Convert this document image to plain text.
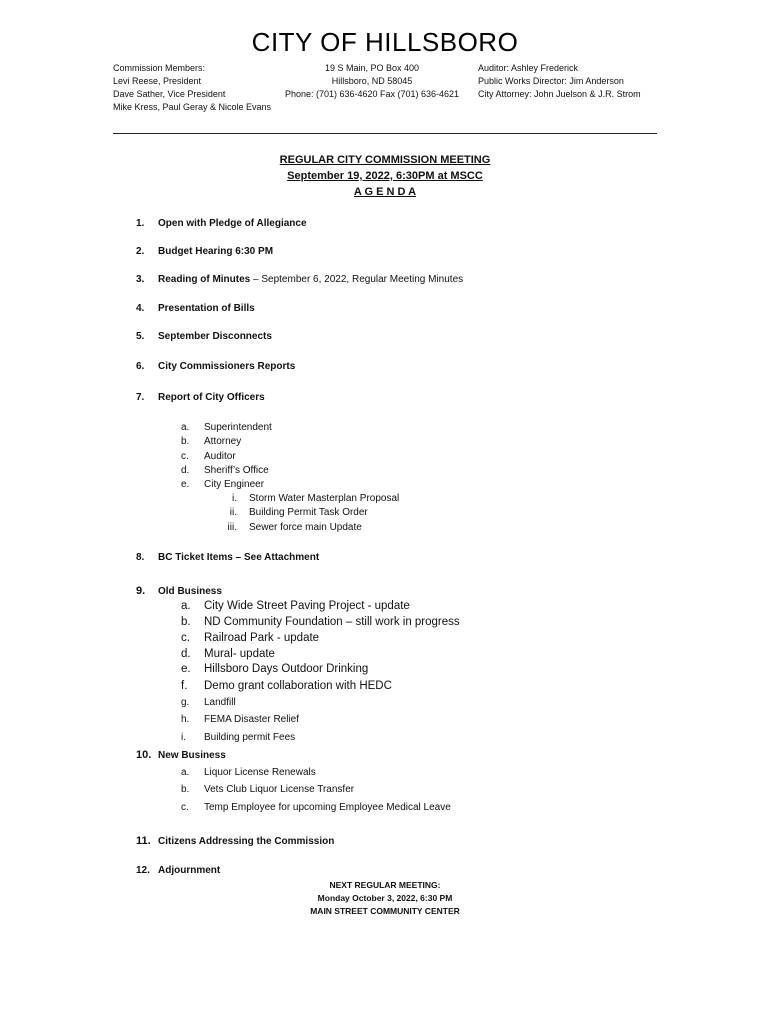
CITY OF HILLSBORO
Commission Members:
Levi Reese, President
Dave Sather, Vice President
Mike Kress, Paul Geray & Nicole Evans
19 S Main, PO Box 400
Hillsboro, ND 58045
Phone: (701) 636-4620 Fax (701) 636-4621
Auditor: Ashley Frederick
Public Works Director: Jim Anderson
City Attorney: John Juelson & J.R. Strom
REGULAR CITY COMMISSION MEETING
September 19, 2022, 6:30PM at MSCC
A G E N D A
1. Open with Pledge of Allegiance
2. Budget Hearing 6:30 PM
3. Reading of Minutes – September 6, 2022, Regular Meeting Minutes
4. Presentation of Bills
5. September Disconnects
6. City Commissioners Reports
7. Report of City Officers
a. Superintendent
b. Attorney
c. Auditor
d. Sheriff’s Office
e. City Engineer
i. Storm Water Masterplan Proposal
ii. Building Permit Task Order
iii. Sewer force main Update
8. BC Ticket Items – See Attachment
9. Old Business
a. City Wide Street Paving Project - update
b. ND Community Foundation – still work in progress
c. Railroad Park - update
d. Mural- update
e. Hillsboro Days Outdoor Drinking
f. Demo grant collaboration with HEDC
g. Landfill
h. FEMA Disaster Relief
i. Building permit Fees
10. New Business
a. Liquor License Renewals
b. Vets Club Liquor License Transfer
c. Temp Employee for upcoming Employee Medical Leave
11. Citizens Addressing the Commission
12. Adjournment
NEXT REGULAR MEETING:
Monday October 3, 2022, 6:30 PM
MAIN STREET COMMUNITY CENTER
